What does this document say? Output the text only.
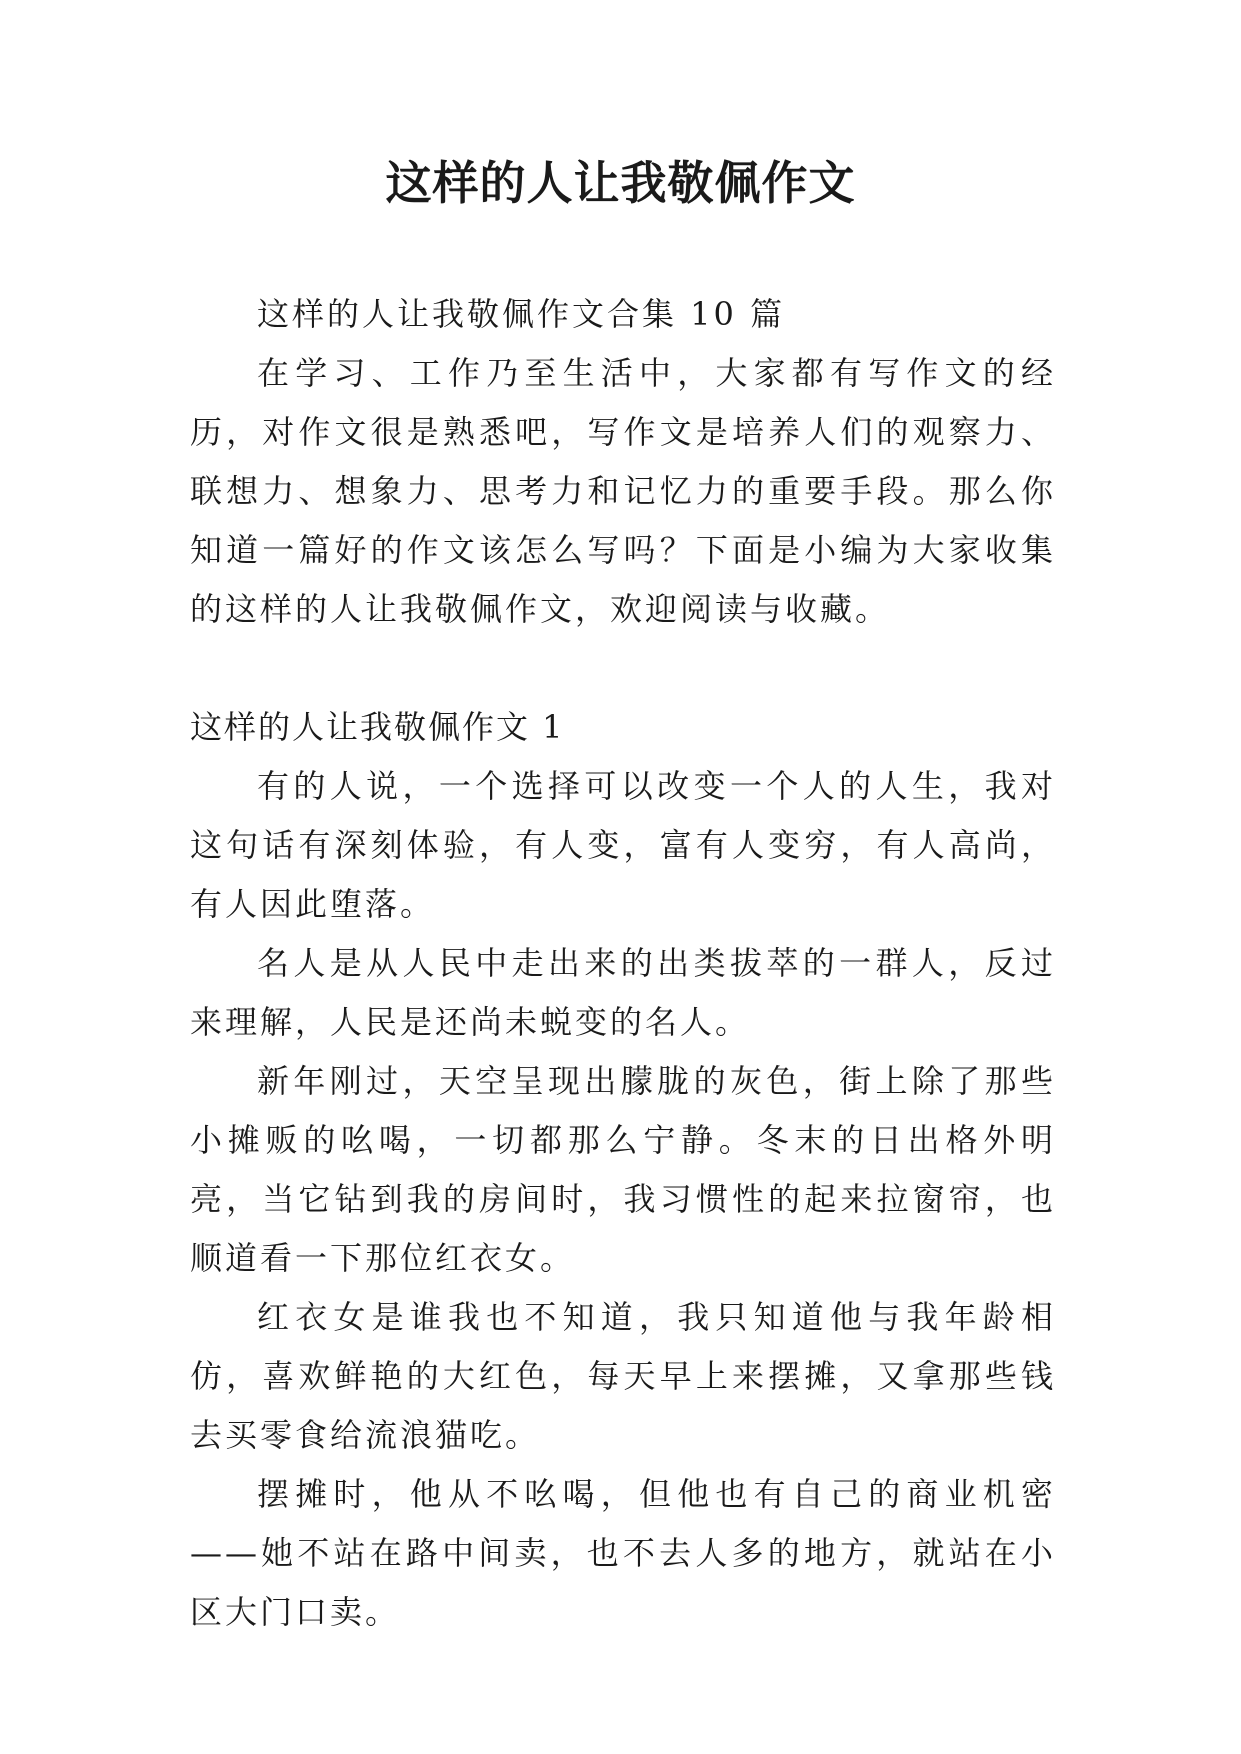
这样的人让我敬佩作文

这样的人让我敬佩作文合集 10 篇

在学习、工作乃至生活中，大家都有写作文的经历，对作文很是熟悉吧，写作文是培养人们的观察力、联想力、想象力、思考力和记忆力的重要手段。那么你知道一篇好的作文该怎么写吗？下面是小编为大家收集的这样的人让我敬佩作文，欢迎阅读与收藏。

这样的人让我敬佩作文 1

有的人说，一个选择可以改变一个人的人生，我对这句话有深刻体验，有人变，富有人变穷，有人高尚，有人因此堕落。

名人是从人民中走出来的出类拔萃的一群人，反过来理解，人民是还尚未蜕变的名人。

新年刚过，天空呈现出朦胧的灰色，街上除了那些小摊贩的吆喝，一切都那么宁静。冬末的日出格外明亮，当它钻到我的房间时，我习惯性的起来拉窗帘，也顺道看一下那位红衣女。

红衣女是谁我也不知道，我只知道他与我年龄相仿，喜欢鲜艳的大红色，每天早上来摆摊，又拿那些钱去买零食给流浪猫吃。

摆摊时，他从不吆喝，但他也有自己的商业机密——她不站在路中间卖，也不去人多的地方，就站在小区大门口卖。
